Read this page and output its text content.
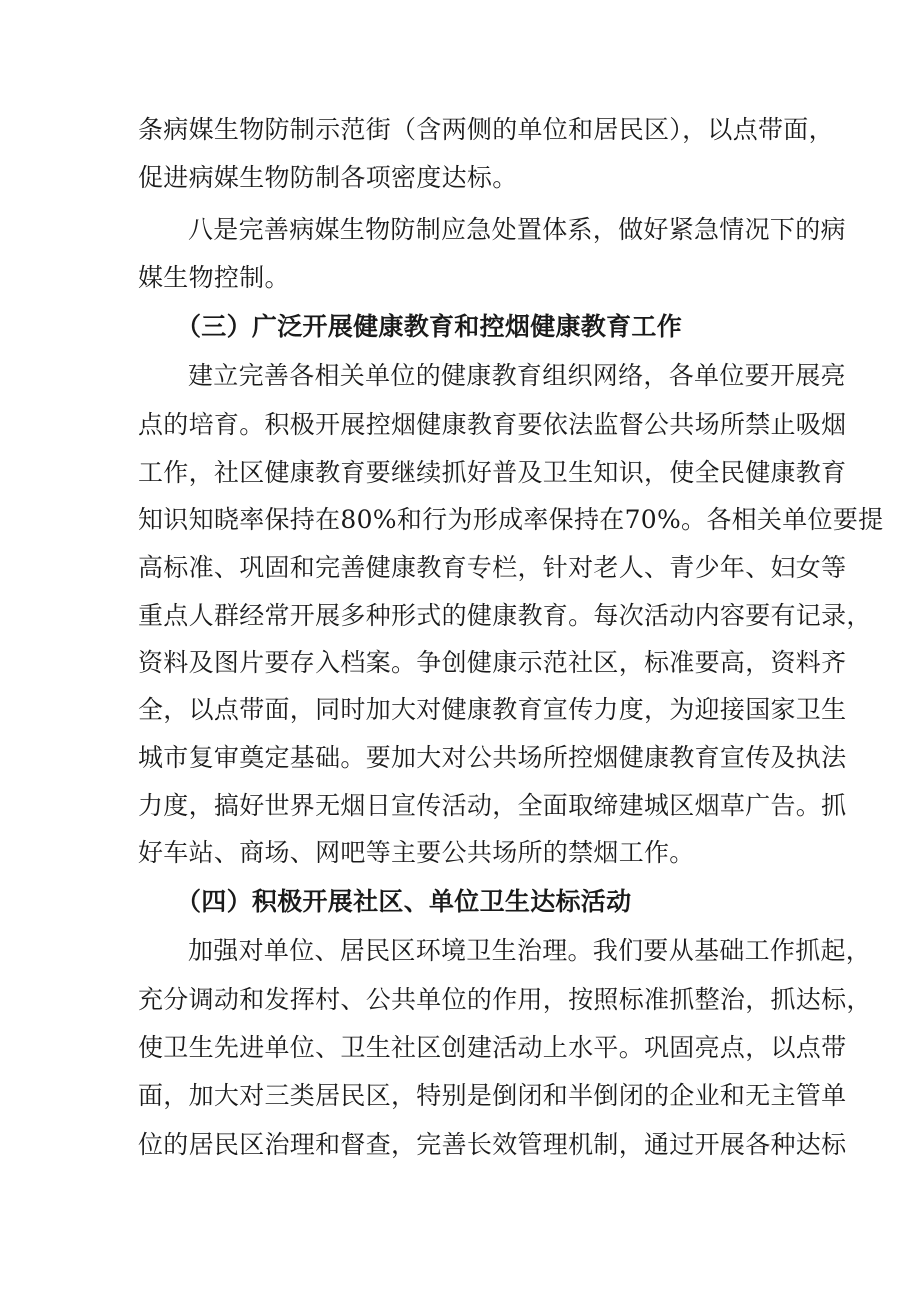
条病媒生物防制示范街（含两侧的单位和居民区），以点带面，
促进病媒生物防制各项密度达标。
八是完善病媒生物防制应急处置体系，做好紧急情况下的病
媒生物控制。
（三）广泛开展健康教育和控烟健康教育工作
建立完善各相关单位的健康教育组织网络，各单位要开展亮
点的培育。积极开展控烟健康教育要依法监督公共场所禁止吸烟
工作，社区健康教育要继续抓好普及卫生知识，使全民健康教育
知识知晓率保持在80%和行为形成率保持在70%。各相关单位要提
高标准、巩固和完善健康教育专栏，针对老人、青少年、妇女等
重点人群经常开展多种形式的健康教育。每次活动内容要有记录，
资料及图片要存入档案。争创健康示范社区，标准要高，资料齐
全，以点带面，同时加大对健康教育宣传力度，为迎接国家卫生
城市复审奠定基础。要加大对公共场所控烟健康教育宣传及执法
力度，搞好世界无烟日宣传活动，全面取缔建城区烟草广告。抓
好车站、商场、网吧等主要公共场所的禁烟工作。
（四）积极开展社区、单位卫生达标活动
加强对单位、居民区环境卫生治理。我们要从基础工作抓起，
充分调动和发挥村、公共单位的作用，按照标准抓整治，抓达标，
使卫生先进单位、卫生社区创建活动上水平。巩固亮点，以点带
面，加大对三类居民区，特别是倒闭和半倒闭的企业和无主管单
位的居民区治理和督查，完善长效管理机制，通过开展各种达标
